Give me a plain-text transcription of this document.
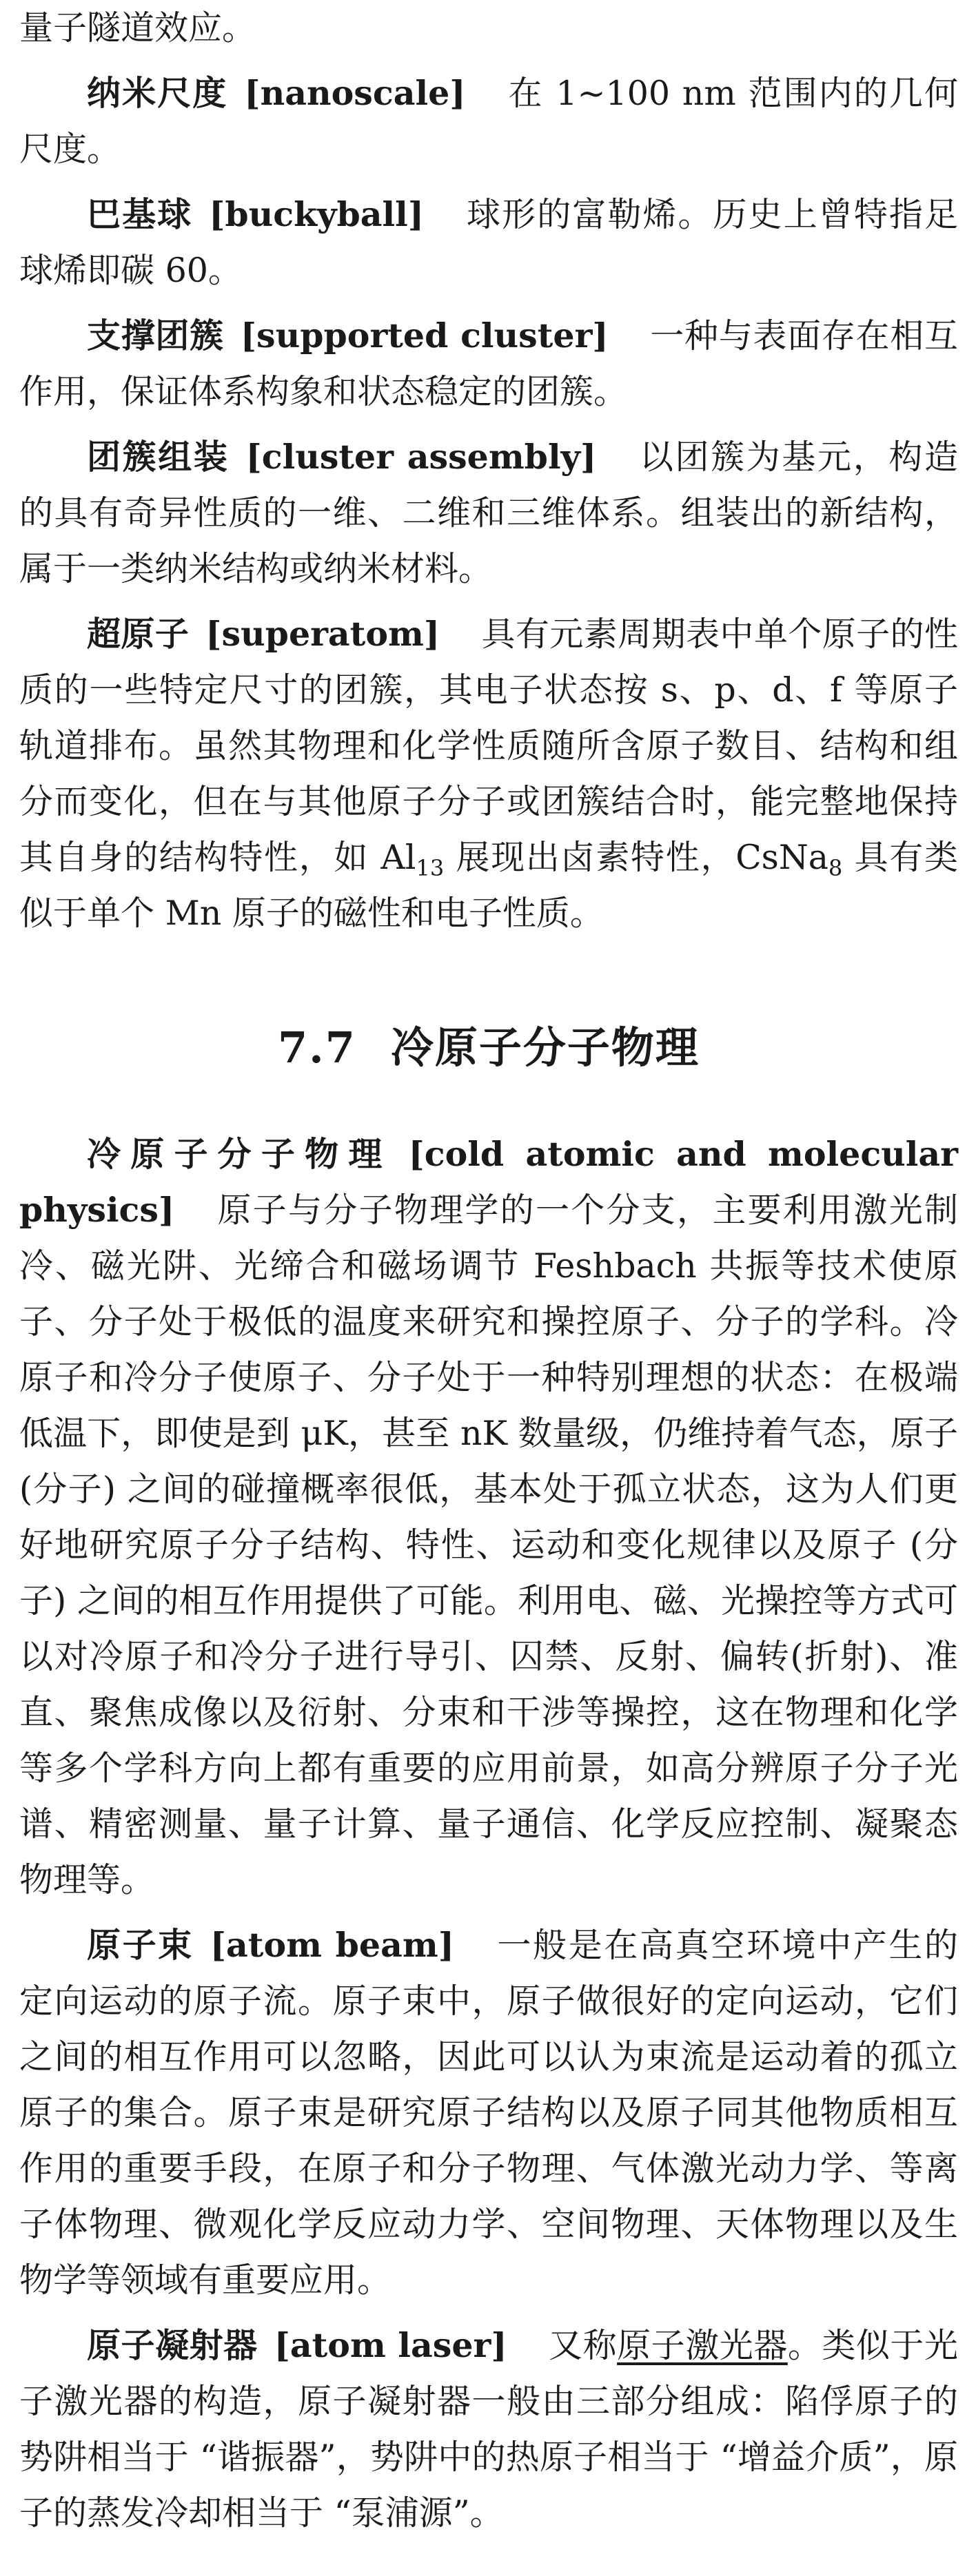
量子隧道效应。

纳米尺度 [nanoscale] 在 1~100 nm 范围内的几何尺度。

巴基球 [buckyball] 球形的富勒烯。历史上曾特指足球烯即碳 60。

支撑团簇 [supported cluster] 一种与表面存在相互作用，保证体系构象和状态稳定的团簇。

团簇组装 [cluster assembly] 以团簇为基元，构造的具有奇异性质的一维、二维和三维体系。组装出的新结构，属于一类纳米结构或纳米材料。

超原子 [superatom] 具有元素周期表中单个原子的性质的一些特定尺寸的团簇，其电子状态按 s、p、d、f 等原子轨道排布。虽然其物理和化学性质随所含原子数目、结构和组分而变化，但在与其他原子分子或团簇结合时，能完整地保持其自身的结构特性，如 $Al_{13}$ 展现出卤素特性，CsNa$_8$ 具有类似于单个 Mn 原子的磁性和电子性质。

7.7 冷原子分子物理

冷原子分子物理 [cold atomic and molecular physics] 原子与分子物理学的一个分支，主要利用激光制冷、磁光阱、光缔合和磁场调节 Feshbach 共振等技术使原子、分子处于极低的温度来研究和操控原子、分子的学科。冷原子和冷分子使原子、分子处于一种特别理想的状态：在极端低温下，即使是到 μK，甚至 nK 数量级，仍维持着气态，原子 (分子) 之间的碰撞概率很低，基本处于孤立状态，这为人们更好地研究原子分子结构、特性、运动和变化规律以及原子 (分子) 之间的相互作用提供了可能。利用电、磁、光操控等方式可以对冷原子和冷分子进行导引、囚禁、反射、偏转(折射)、准直、聚焦成像以及衍射、分束和干涉等操控，这在物理和化学等多个学科方向上都有重要的应用前景，如高分辨原子分子光谱、精密测量、量子计算、量子通信、化学反应控制、凝聚态物理等。

原子束 [atom beam] 一般是在高真空环境中产生的定向运动的原子流。原子束中，原子做很好的定向运动，它们之间的相互作用可以忽略，因此可以认为束流是运动着的孤立原子的集合。原子束是研究原子结构以及原子同其他物质相互作用的重要手段，在原子和分子物理、气体激光动力学、等离子体物理、微观化学反应动力学、空间物理、天体物理以及生物学等领域有重要应用。

原子凝射器 [atom laser] 又称原子激光器。类似于光子激光器的构造，原子凝射器一般由三部分组成：陷俘原子的势阱相当于 “谐振器”，势阱中的热原子相当于 “增益介质”，原子的蒸发冷却相当于 “泵浦源”。
